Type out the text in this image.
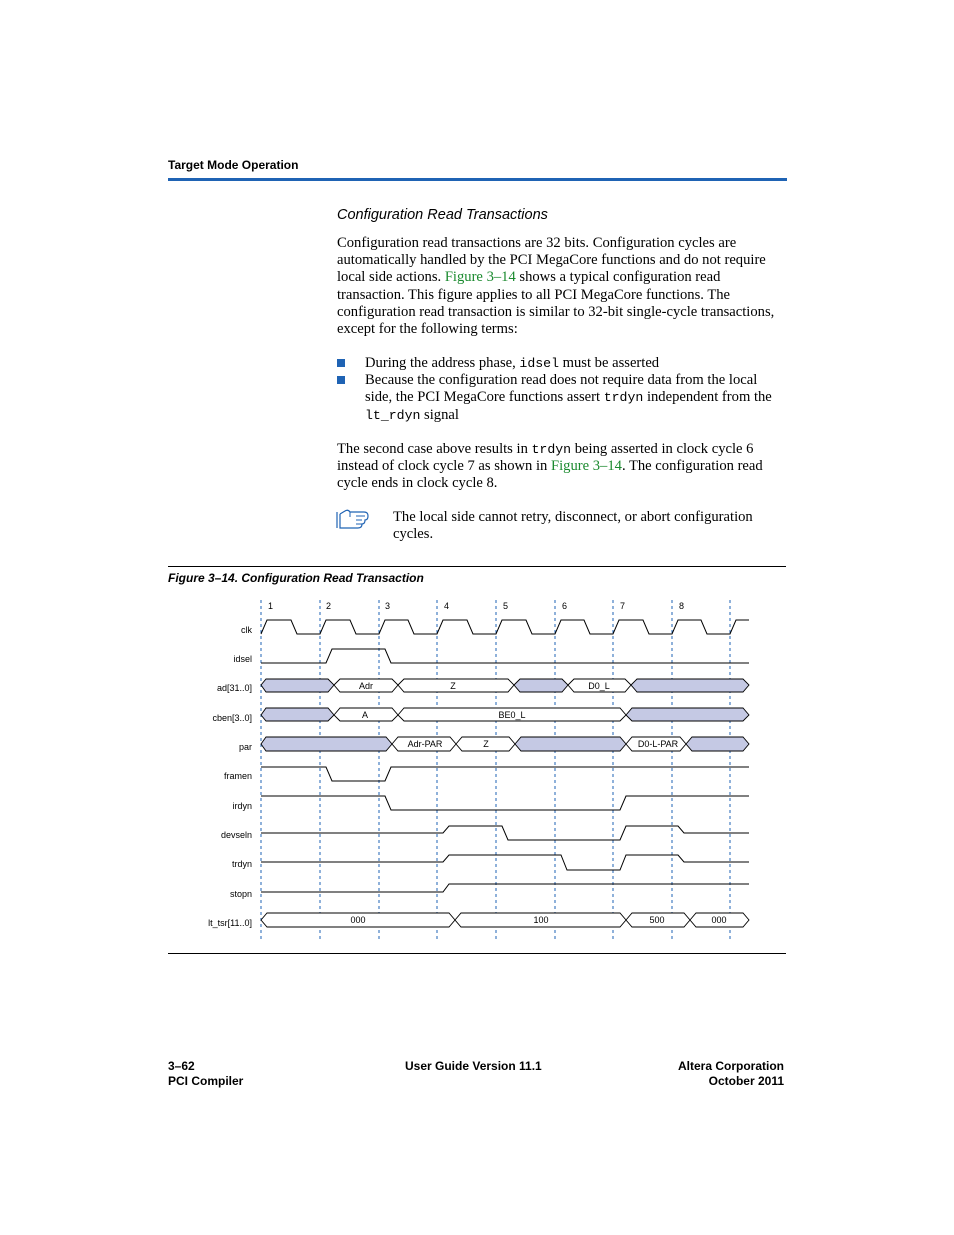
Target Mode Operation
Configuration Read Transactions
Configuration read transactions are 32 bits. Configuration cycles are automatically handled by the PCI MegaCore functions and do not require local side actions. Figure 3–14 shows a typical configuration read transaction. This figure applies to all PCI MegaCore functions. The configuration read transaction is similar to 32-bit single-cycle transactions, except for the following terms:
During the address phase, idsel must be asserted
Because the configuration read does not require data from the local side, the PCI MegaCore functions assert trdyn independent from the lt_rdyn signal
The second case above results in trdyn being asserted in clock cycle 6 instead of clock cycle 7 as shown in Figure 3–14. The configuration read cycle ends in clock cycle 8.
The local side cannot retry, disconnect, or abort configuration cycles.
Figure 3–14. Configuration Read Transaction
1	2	3	4	5	6	7	8
clk
idsel
ad[31..0]
cben[3..0]
par
framen
irdyn
devseln
trdyn
stopn
lt_tsr[11..0]
Adr	Z	D0_L
A	BE0_L
Adr-PAR	Z	D0-L-PAR
000	100	500	000
3–62
PCI Compiler
User Guide Version 11.1	Altera Corporation
October 2011
